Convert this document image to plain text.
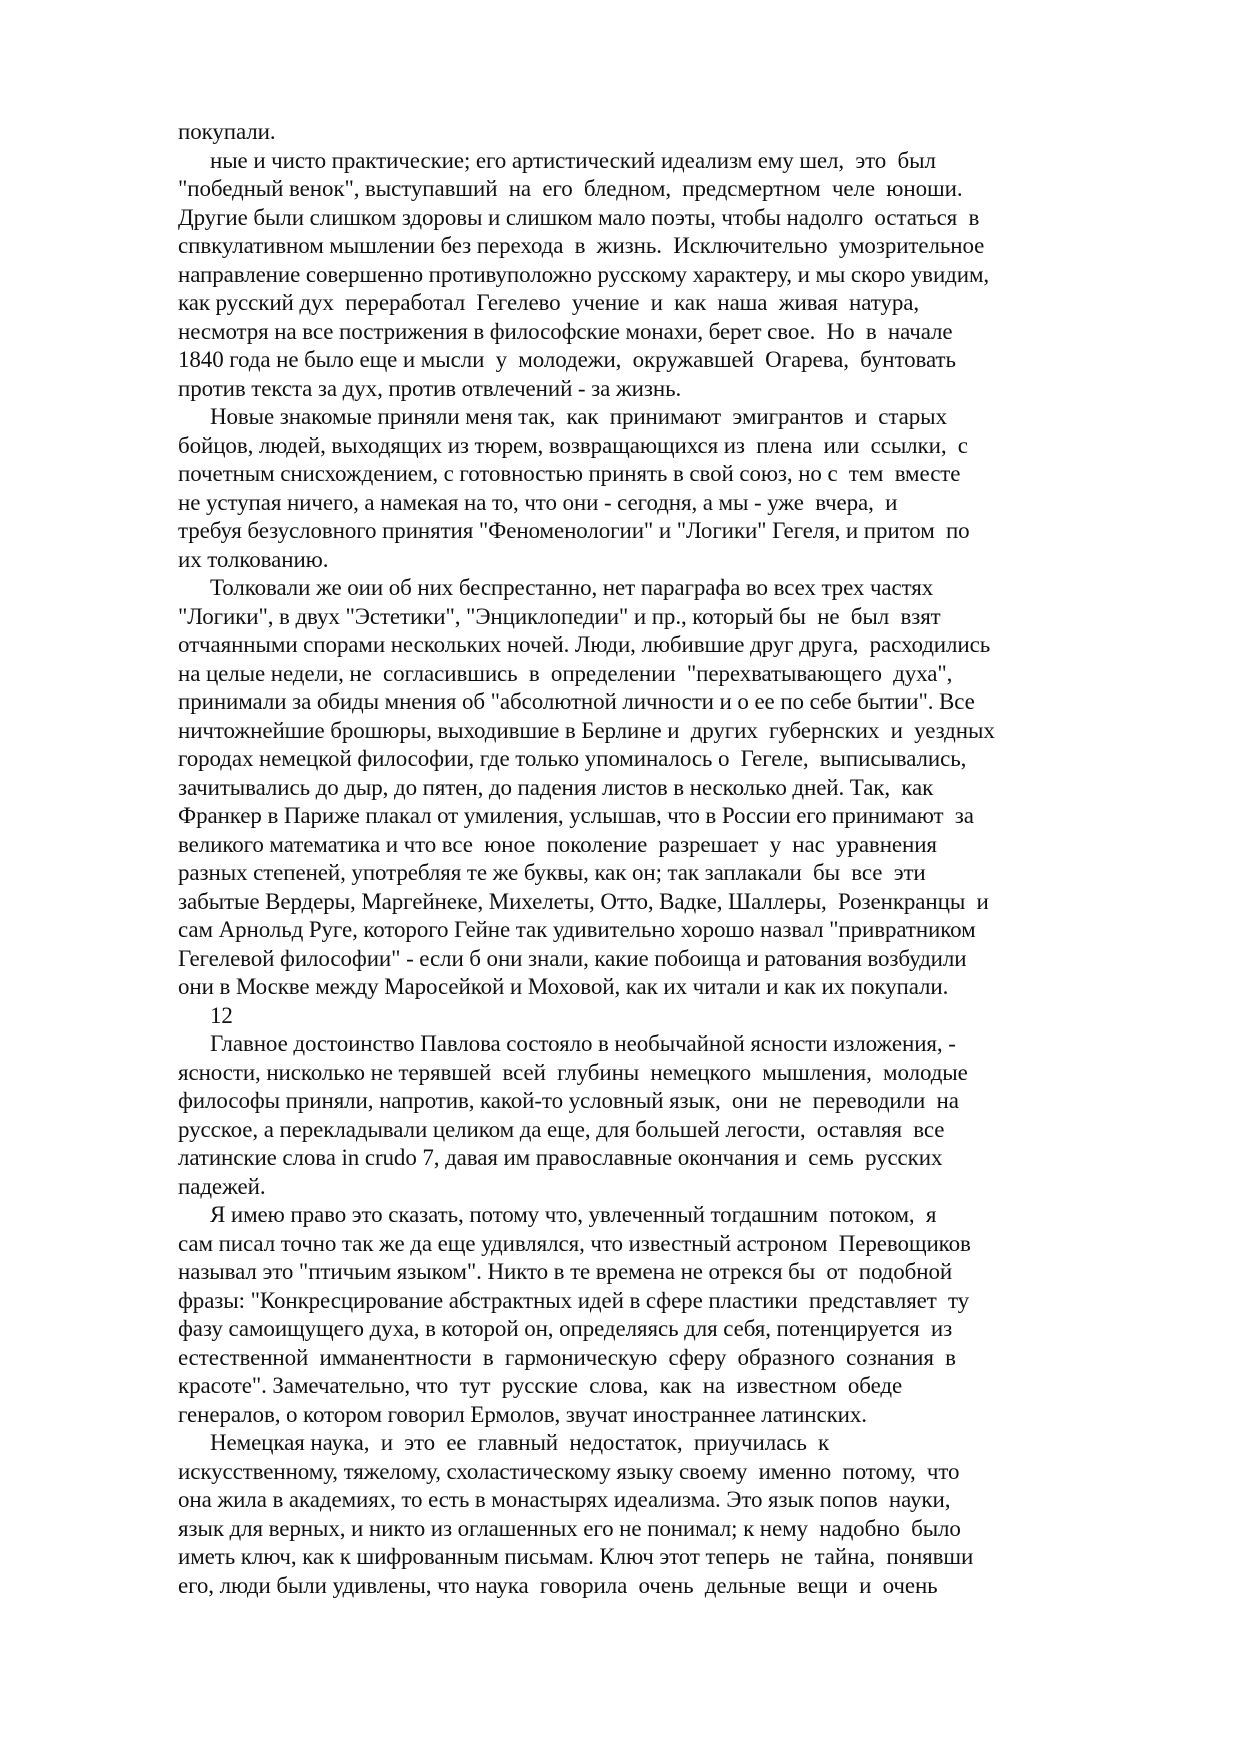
покупали.
ные и чисто практические; его артистический идеализм ему шел,  это  был
"победный венок", выступавший  на  его  бледном,  предсмертном  челе  юноши.
Другие были слишком здоровы и слишком мало поэты, чтобы надолго  остаться  в
спвкулативном мышлении без перехода  в  жизнь.  Исключительно  умозрительное
направление совершенно противуположно русскому характеру, и мы скоро увидим,
как русский дух  переработал  Гегелево  учение  и  как  наша  живая  натура,
несмотря на все пострижения в философские монахи, берет свое.  Но  в  начале
1840 года не было еще и мысли  у  молодежи,  окружавшей  Огарева,  бунтовать
против текста за дух, против отвлечений - за жизнь.
Новые знакомые приняли меня так,  как  принимают  эмигрантов  и  старых
бойцов, людей, выходящих из тюрем, возвращающихся из  плена  или  ссылки,  с
почетным снисхождением, с готовностью принять в свой союз, но с  тем  вместе
не уступая ничего, а намекая на то, что они - сегодня, а мы - уже  вчера,  и
требуя безусловного принятия "Феноменологии" и "Логики" Гегеля, и притом  по
их толкованию.
Толковали же оии об них беспрестанно, нет параграфа во всех трех частях
"Логики", в двух "Эстетики", "Энциклопедии" и пр., который бы  не  был  взят
отчаянными спорами нескольких ночей. Люди, любившие друг друга,  расходились
на целые недели, не  согласившись  в  определении  "перехватывающего  духа",
принимали за обиды мнения об "абсолютной личности и о ее по себе бытии". Все
ничтожнейшие брошюры, выходившие в Берлине и  других  губернских  и  уездных
городах немецкой философии, где только упоминалось о  Гегеле,  выписывались,
зачитывались до дыр, до пятен, до падения листов в несколько дней. Так,  как
Франкер в Париже плакал от умиления, услышав, что в России его принимают  за
великого математика и что все  юное  поколение  разрешает  у  нас  уравнения
разных степеней, употребляя те же буквы, как он; так заплакали  бы  все  эти
забытые Вердеры, Маргейнеке, Михелеты, Отто, Вадке, Шаллеры,  Розенкранцы  и
сам Арнольд Руге, которого Гейне так удивительно хорошо назвал "привратником
Гегелевой философии" - если б они знали, какие побоища и ратования возбудили
они в Москве между Маросейкой и Моховой, как их читали и как их покупали.
12
Главное достоинство Павлова состояло в необычайной ясности изложения, -
ясности, нисколько не терявшей  всей  глубины  немецкого  мышления,  молодые
философы приняли, напротив, какой-то условный язык,  они  не  переводили  на
русское, а перекладывали целиком да еще, для большей легости,  оставляя  все
латинские слова in crudo 7, давая им православные окончания и  семь  русских
падежей.
Я имею право это сказать, потому что, увлеченный тогдашним  потоком,  я
сам писал точно так же да еще удивлялся, что известный астроном  Перевощиков
называл это "птичьим языком". Никто в те времена не отрекся бы  от  подобной
фразы: "Конкресцирование абстрактных идей в сфере пластики  представляет  ту
фазу самоищущего духа, в которой он, определяясь для себя, потенцируется  из
естественной  имманентности  в  гармоническую  сферу  образного  сознания  в
красоте". Замечательно, что  тут  русские  слова,  как  на  известном  обеде
генералов, о котором говорил Ермолов, звучат иностраннее латинских.
Немецкая наука,  и  это  ее  главный  недостаток,  приучилась  к
искусственному, тяжелому, схоластическому языку своему  именно  потому,  что
она жила в академиях, то есть в монастырях идеализма. Это язык попов  науки,
язык для верных, и никто из оглашенных его не понимал; к нему  надобно  было
иметь ключ, как к шифрованным письмам. Ключ этот теперь  не  тайна,  понявши
его, люди были удивлены, что наука  говорила  очень  дельные  вещи  и  очень
